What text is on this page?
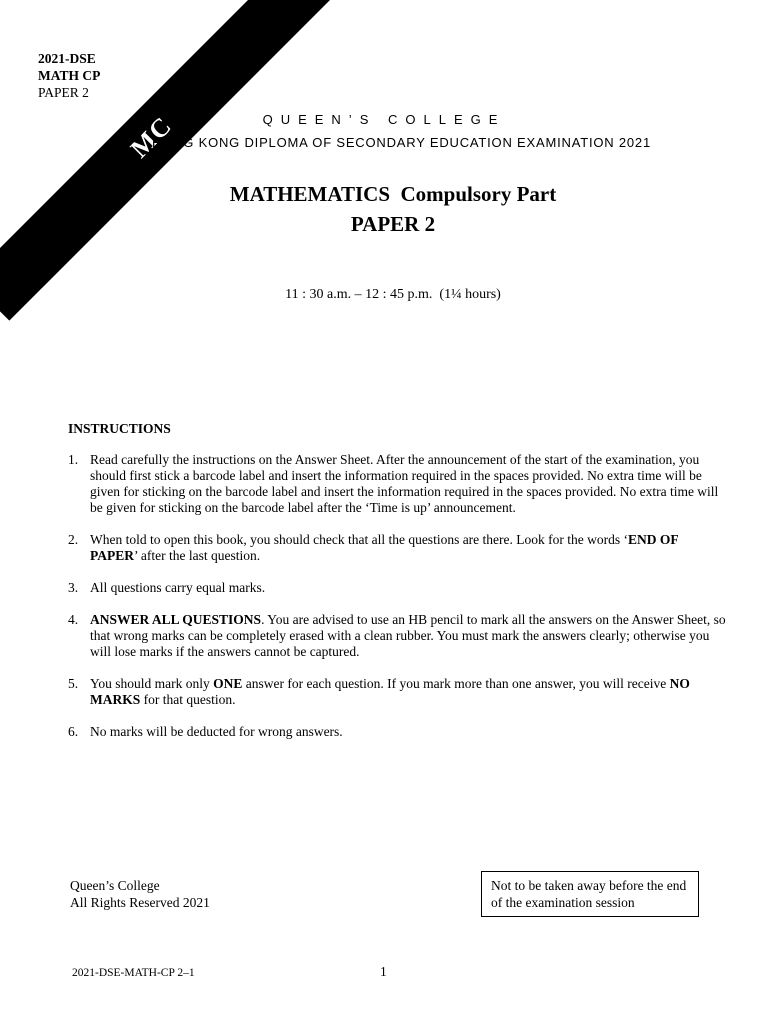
MC
2021-DSE
MATH CP
PAPER 2
QUEEN’S COLLEGE
HONG KONG DIPLOMA OF SECONDARY EDUCATION EXAMINATION 2021
MATHEMATICS  Compulsory Part
PAPER 2
11 : 30 a.m. – 12 : 45 p.m.  (1¼ hours)
INSTRUCTIONS
1. Read carefully the instructions on the Answer Sheet. After the announcement of the start of the examination, you should first stick a barcode label and insert the information required in the spaces provided. No extra time will be given for sticking on the barcode label and insert the information required in the spaces provided. No extra time will be given for sticking on the barcode label after the ‘Time is up’ announcement.
2. When told to open this book, you should check that all the questions are there. Look for the words ‘END OF PAPER’ after the last question.
3. All questions carry equal marks.
4. ANSWER ALL QUESTIONS. You are advised to use an HB pencil to mark all the answers on the Answer Sheet, so that wrong marks can be completely erased with a clean rubber. You must mark the answers clearly; otherwise you will lose marks if the answers cannot be captured.
5. You should mark only ONE answer for each question. If you mark more than one answer, you will receive NO MARKS for that question.
6. No marks will be deducted for wrong answers.
Queen’s College
All Rights Reserved 2021
Not to be taken away before the end of the examination session
2021-DSE-MATH-CP 2–1	1
